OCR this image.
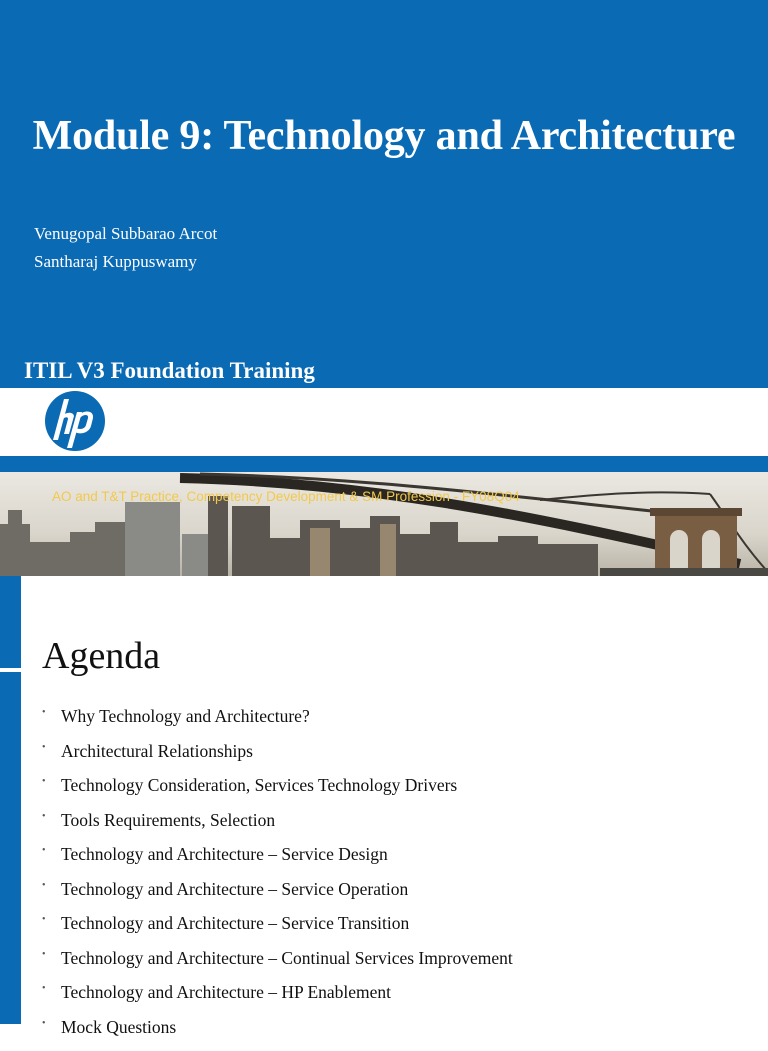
Module 9: Technology and Architecture
Venugopal Subbarao Arcot
Santharaj Kuppuswamy
ITIL V3 Foundation Training
AO and T&T Practice, Competency Development & SM Profession - FY08Q04
Agenda
• Why Technology and Architecture?
• Architectural Relationships
• Technology Consideration, Services Technology Drivers
• Tools Requirements, Selection
• Technology and Architecture – Service Design
• Technology and Architecture – Service Operation
• Technology and Architecture – Service Transition
• Technology and Architecture – Continual Services Improvement
• Technology and Architecture – HP Enablement
• Mock Questions
